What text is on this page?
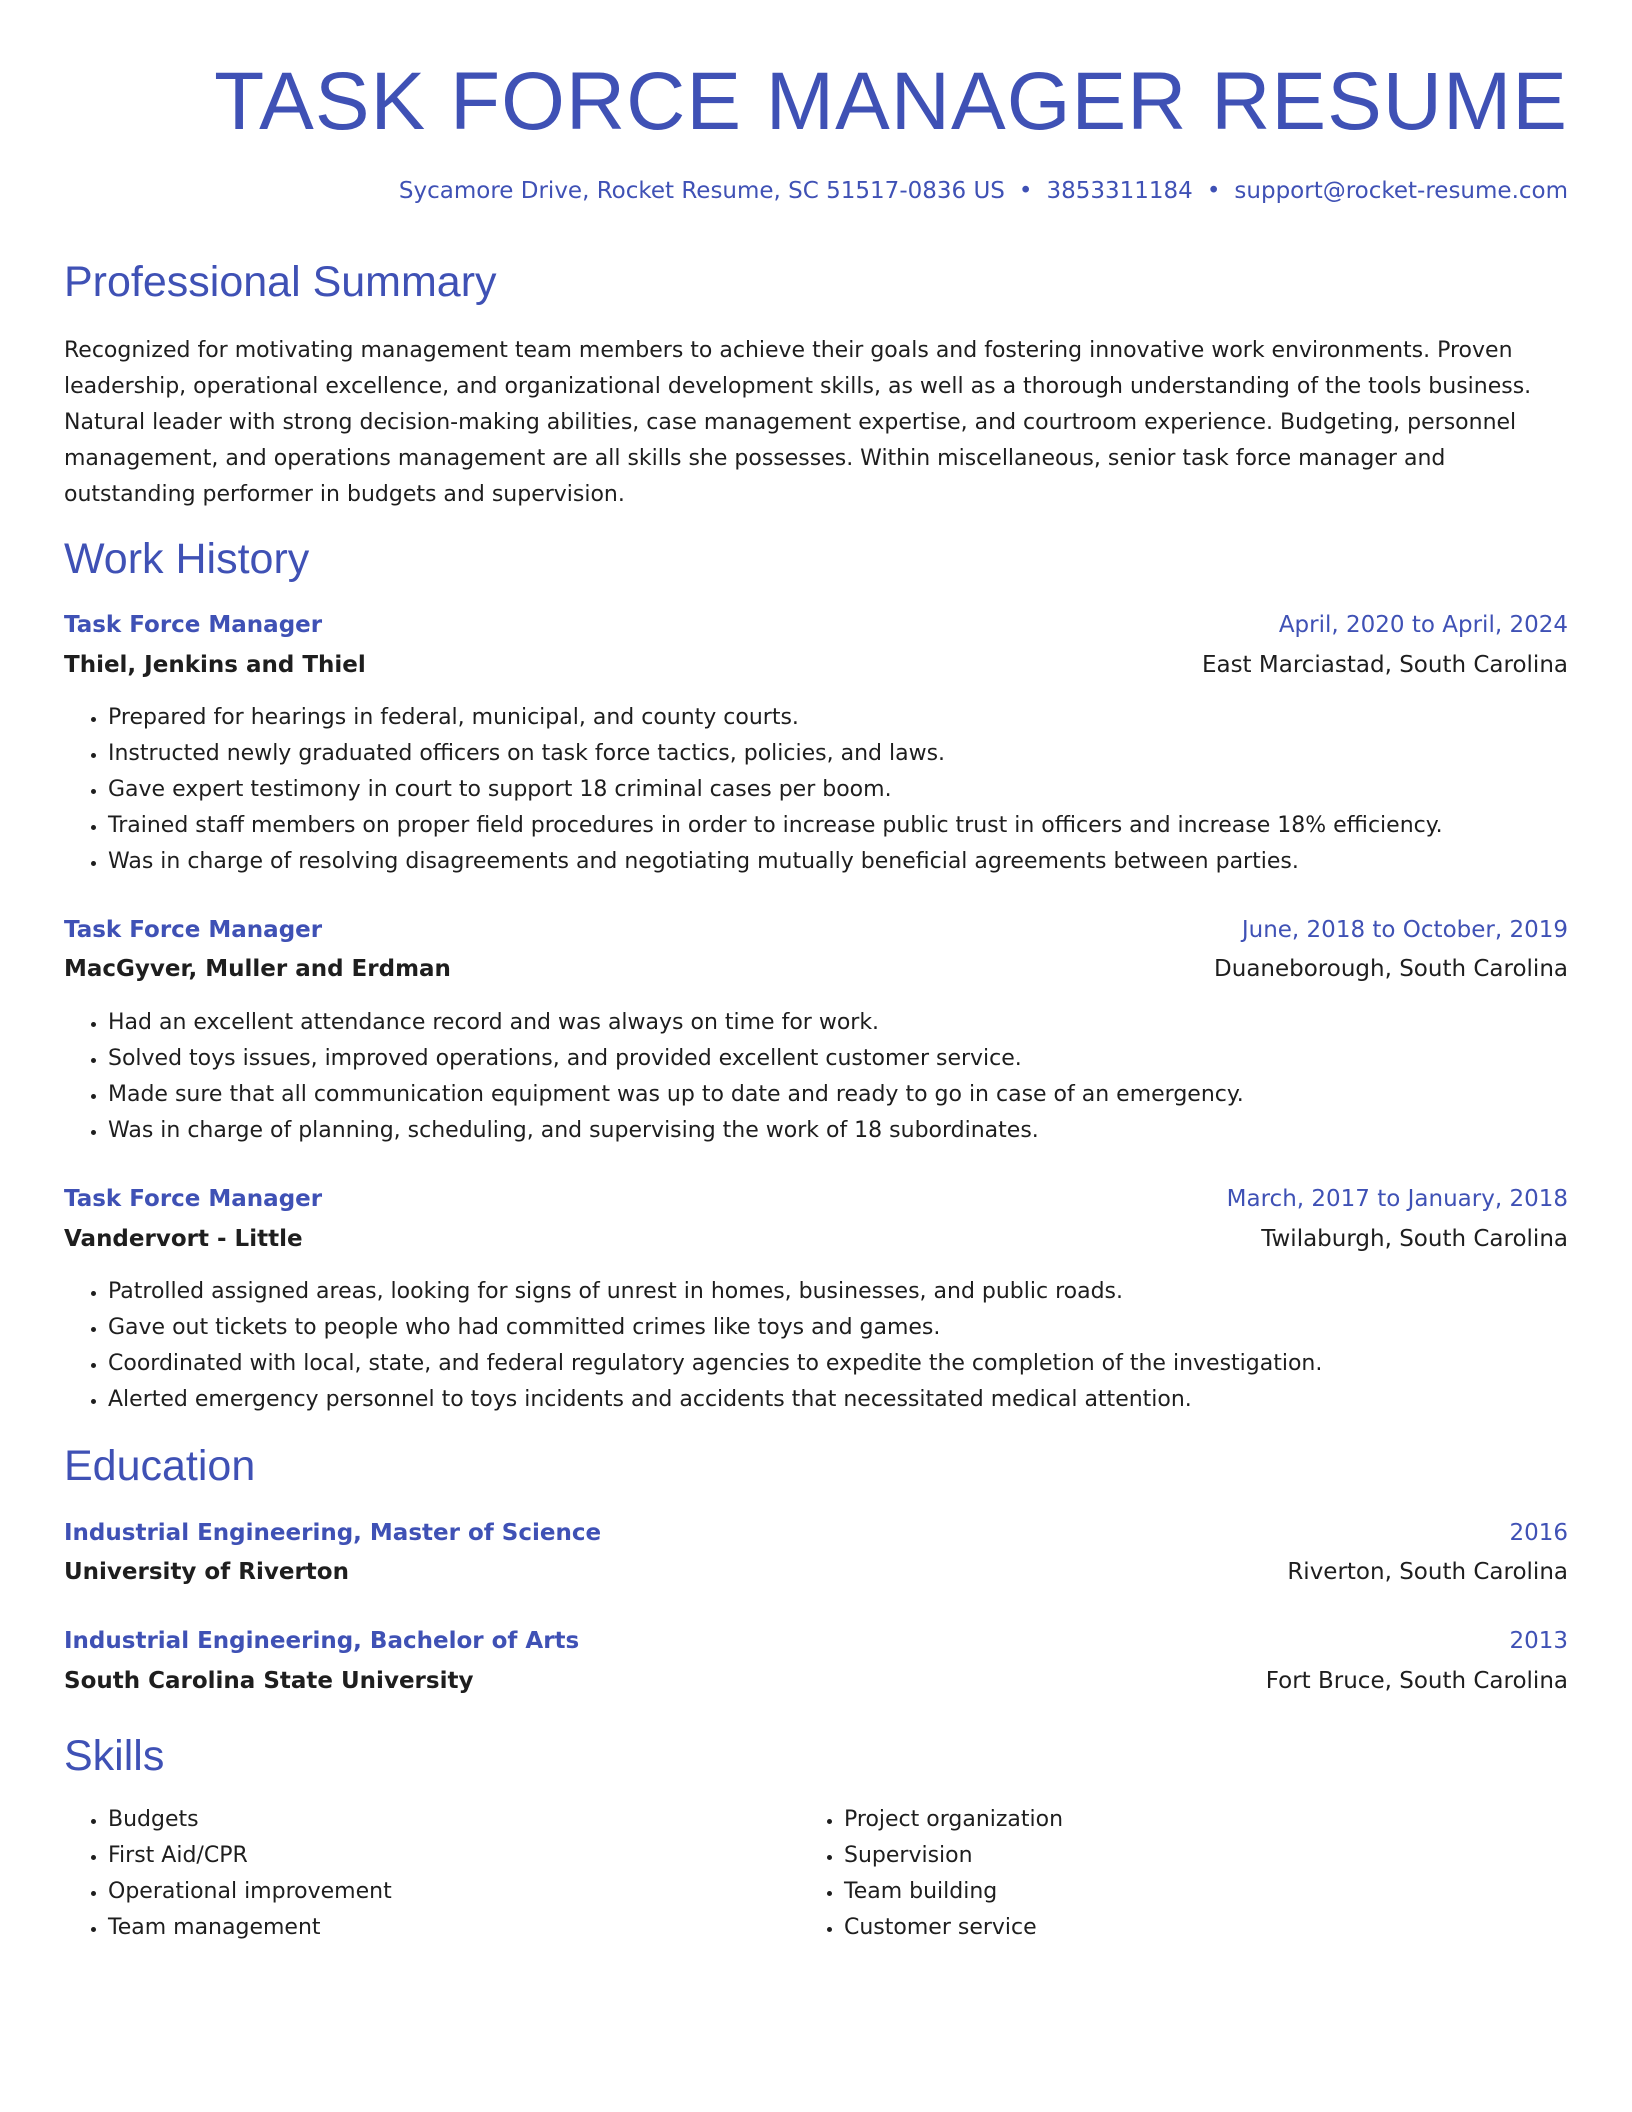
TASK FORCE MANAGER RESUME
Sycamore Drive, Rocket Resume, SC 51517-0836 US • 3853311184 • support@rocket-resume.com
Professional Summary

Recognized for motivating management team members to achieve their goals and fostering innovative work environments. Proven leadership, operational excellence, and organizational development skills, as well as a thorough understanding of the tools business. Natural leader with strong decision-making abilities, case management expertise, and courtroom experience. Budgeting, personnel management, and operations management are all skills she possesses. Within miscellaneous, senior task force manager and outstanding performer in budgets and supervision.

Work History
Task Force Manager	April, 2020 to April, 2024
Thiel, Jenkins and Thiel	East Marciastad, South Carolina
• Prepared for hearings in federal, municipal, and county courts.
• Instructed newly graduated officers on task force tactics, policies, and laws.
• Gave expert testimony in court to support 18 criminal cases per boom.
• Trained staff members on proper field procedures in order to increase public trust in officers and increase 18% efficiency.
• Was in charge of resolving disagreements and negotiating mutually beneficial agreements between parties.
Task Force Manager	June, 2018 to October, 2019
MacGyver, Muller and Erdman	Duaneborough, South Carolina
• Had an excellent attendance record and was always on time for work.
• Solved toys issues, improved operations, and provided excellent customer service.
• Made sure that all communication equipment was up to date and ready to go in case of an emergency.
• Was in charge of planning, scheduling, and supervising the work of 18 subordinates.
Task Force Manager	March, 2017 to January, 2018
Vandervort - Little	Twilaburgh, South Carolina
• Patrolled assigned areas, looking for signs of unrest in homes, businesses, and public roads.
• Gave out tickets to people who had committed crimes like toys and games.
• Coordinated with local, state, and federal regulatory agencies to expedite the completion of the investigation.
• Alerted emergency personnel to toys incidents and accidents that necessitated medical attention.
Education
Industrial Engineering, Master of Science	2016
University of Riverton	Riverton, South Carolina
Industrial Engineering, Bachelor of Arts	2013
South Carolina State University	Fort Bruce, South Carolina
Skills
• Budgets
• First Aid/CPR
• Operational improvement
• Team management
• Project organization
• Supervision
• Team building
• Customer service
